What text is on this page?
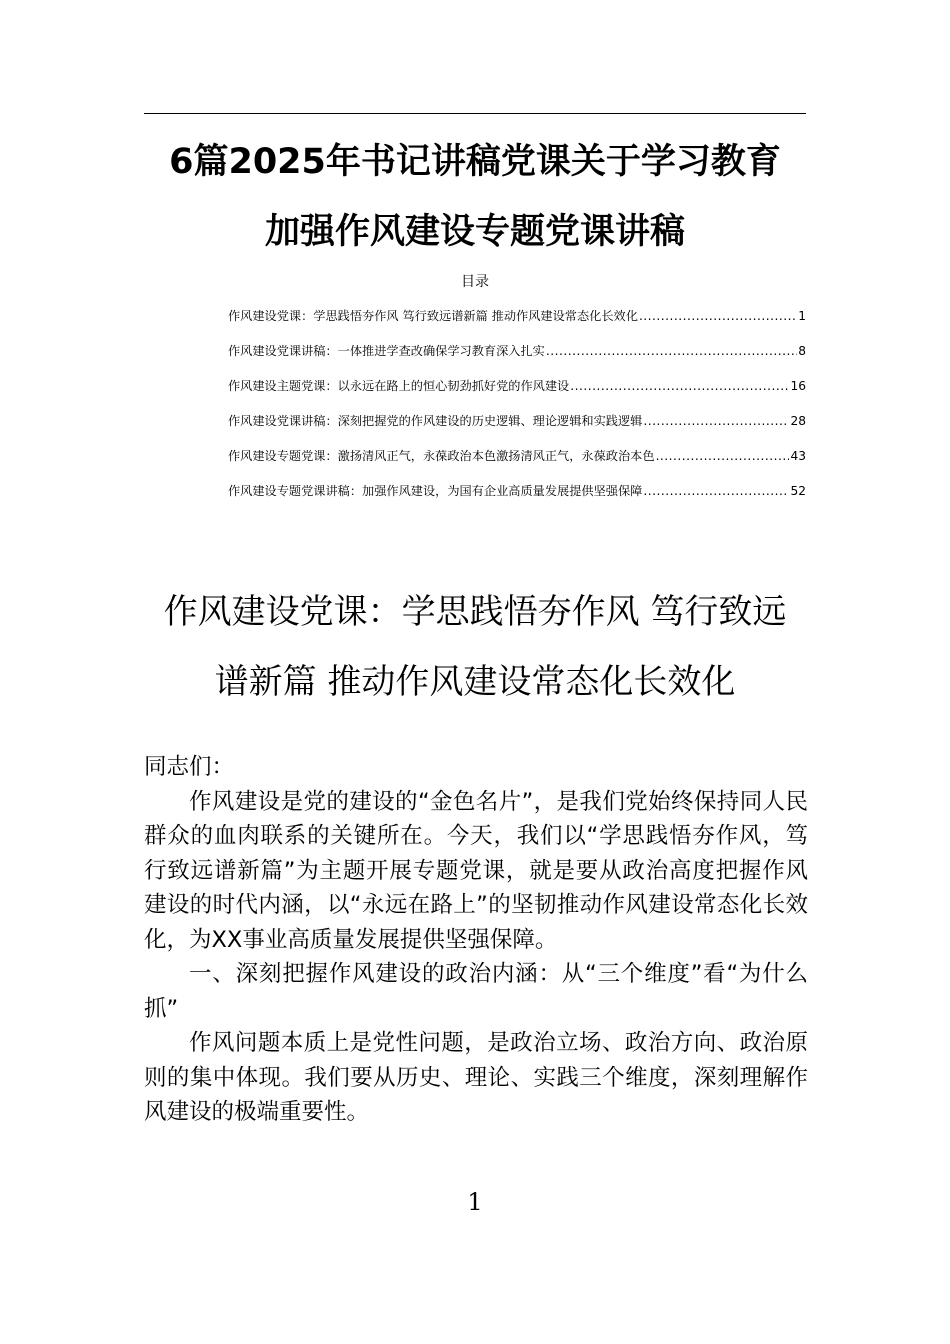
6篇2025年书记讲稿党课关于学习教育
加强作风建设专题党课讲稿
目录
作风建设党课：学思践悟夯作风 笃行致远谱新篇 推动作风建设常态化长效化 .....	1
作风建设党课讲稿：一体推进学查改确保学习教育深入扎实 .....	8
作风建设主题党课：以永远在路上的恒心韧劲抓好党的作风建设 .....	16
作风建设党课讲稿：深刻把握党的作风建设的历史逻辑、理论逻辑和实践逻辑 .....	28
作风建设专题党课：激扬清风正气，永葆政治本色激扬清风正气，永葆政治本色 .....	43
作风建设专题党课讲稿：加强作风建设，为国有企业高质量发展提供坚强保障 .....	52
作风建设党课：学思践悟夯作风 笃行致远
谱新篇 推动作风建设常态化长效化

同志们：

作风建设是党的建设的“金色名片”，是我们党始终保持同人民群众的血肉联系的关键所在。今天，我们以“学思践悟夯作风，笃行致远谱新篇”为主题开展专题党课，就是要从政治高度把握作风建设的时代内涵，以“永远在路上”的坚韧推动作风建设常态化长效化，为XX事业高质量发展提供坚强保障。

一、深刻把握作风建设的政治内涵：从“三个维度”看“为什么抓”

作风问题本质上是党性问题，是政治立场、政治方向、政治原则的集中体现。我们要从历史、理论、实践三个维度，深刻理解作风建设的极端重要性。

1
